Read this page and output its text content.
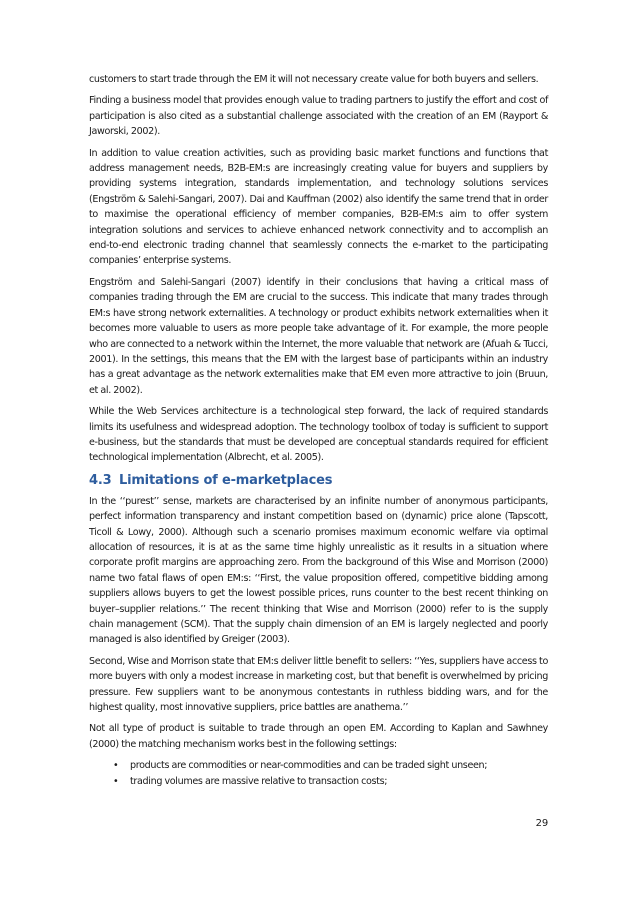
customers to start trade through the EM it will not necessary create value for both buyers and sellers.

Finding a business model that provides enough value to trading partners to justify the effort and cost of participation is also cited as a substantial challenge associated with the creation of an EM (Rayport & Jaworski, 2002).

In addition to value creation activities, such as providing basic market functions and functions that address management needs, B2B-EM:s are increasingly creating value for buyers and suppliers by providing systems integration, standards implementation, and technology solutions services (Engström & Salehi-Sangari, 2007). Dai and Kauffman (2002) also identify the same trend that in order to maximise the operational efficiency of member companies, B2B-EM:s aim to offer system integration solutions and services to achieve enhanced network connectivity and to accomplish an end-to-end electronic trading channel that seamlessly connects the e-market to the participating companies’ enterprise systems.

Engström and Salehi-Sangari (2007) identify in their conclusions that having a critical mass of companies trading through the EM are crucial to the success. This indicate that many trades through EM:s have strong network externalities. A technology or product exhibits network externalities when it becomes more valuable to users as more people take advantage of it. For example, the more people who are connected to a network within the Internet, the more valuable that network are (Afuah & Tucci, 2001). In the settings, this means that the EM with the largest base of participants within an industry has a great advantage as the network externalities make that EM even more attractive to join (Bruun, et al. 2002).

While the Web Services architecture is a technological step forward, the lack of required standards limits its usefulness and widespread adoption. The technology toolbox of today is sufficient to support e-business, but the standards that must be developed are conceptual standards required for efficient technological implementation (Albrecht, et al. 2005).

4.3 Limitations of e-marketplaces

In the ‘‘purest’’ sense, markets are characterised by an infinite number of anonymous participants, perfect information transparency and instant competition based on (dynamic) price alone (Tapscott, Ticoll & Lowy, 2000). Although such a scenario promises maximum economic welfare via optimal allocation of resources, it is at as the same time highly unrealistic as it results in a situation where corporate profit margins are approaching zero. From the background of this Wise and Morrison (2000) name two fatal flaws of open EM:s: ‘‘First, the value proposition offered, competitive bidding among suppliers allows buyers to get the lowest possible prices, runs counter to the best recent thinking on buyer–supplier relations.’’ The recent thinking that Wise and Morrison (2000) refer to is the supply chain management (SCM). That the supply chain dimension of an EM is largely neglected and poorly managed is also identified by Greiger (2003).

Second, Wise and Morrison state that EM:s deliver little benefit to sellers: ‘‘Yes, suppliers have access to more buyers with only a modest increase in marketing cost, but that benefit is overwhelmed by pricing pressure. Few suppliers want to be anonymous contestants in ruthless bidding wars, and for the highest quality, most innovative suppliers, price battles are anathema.’’

Not all type of product is suitable to trade through an open EM. According to Kaplan and Sawhney (2000) the matching mechanism works best in the following settings:

• products are commodities or near-commodities and can be traded sight unseen;
• trading volumes are massive relative to transaction costs;
29
